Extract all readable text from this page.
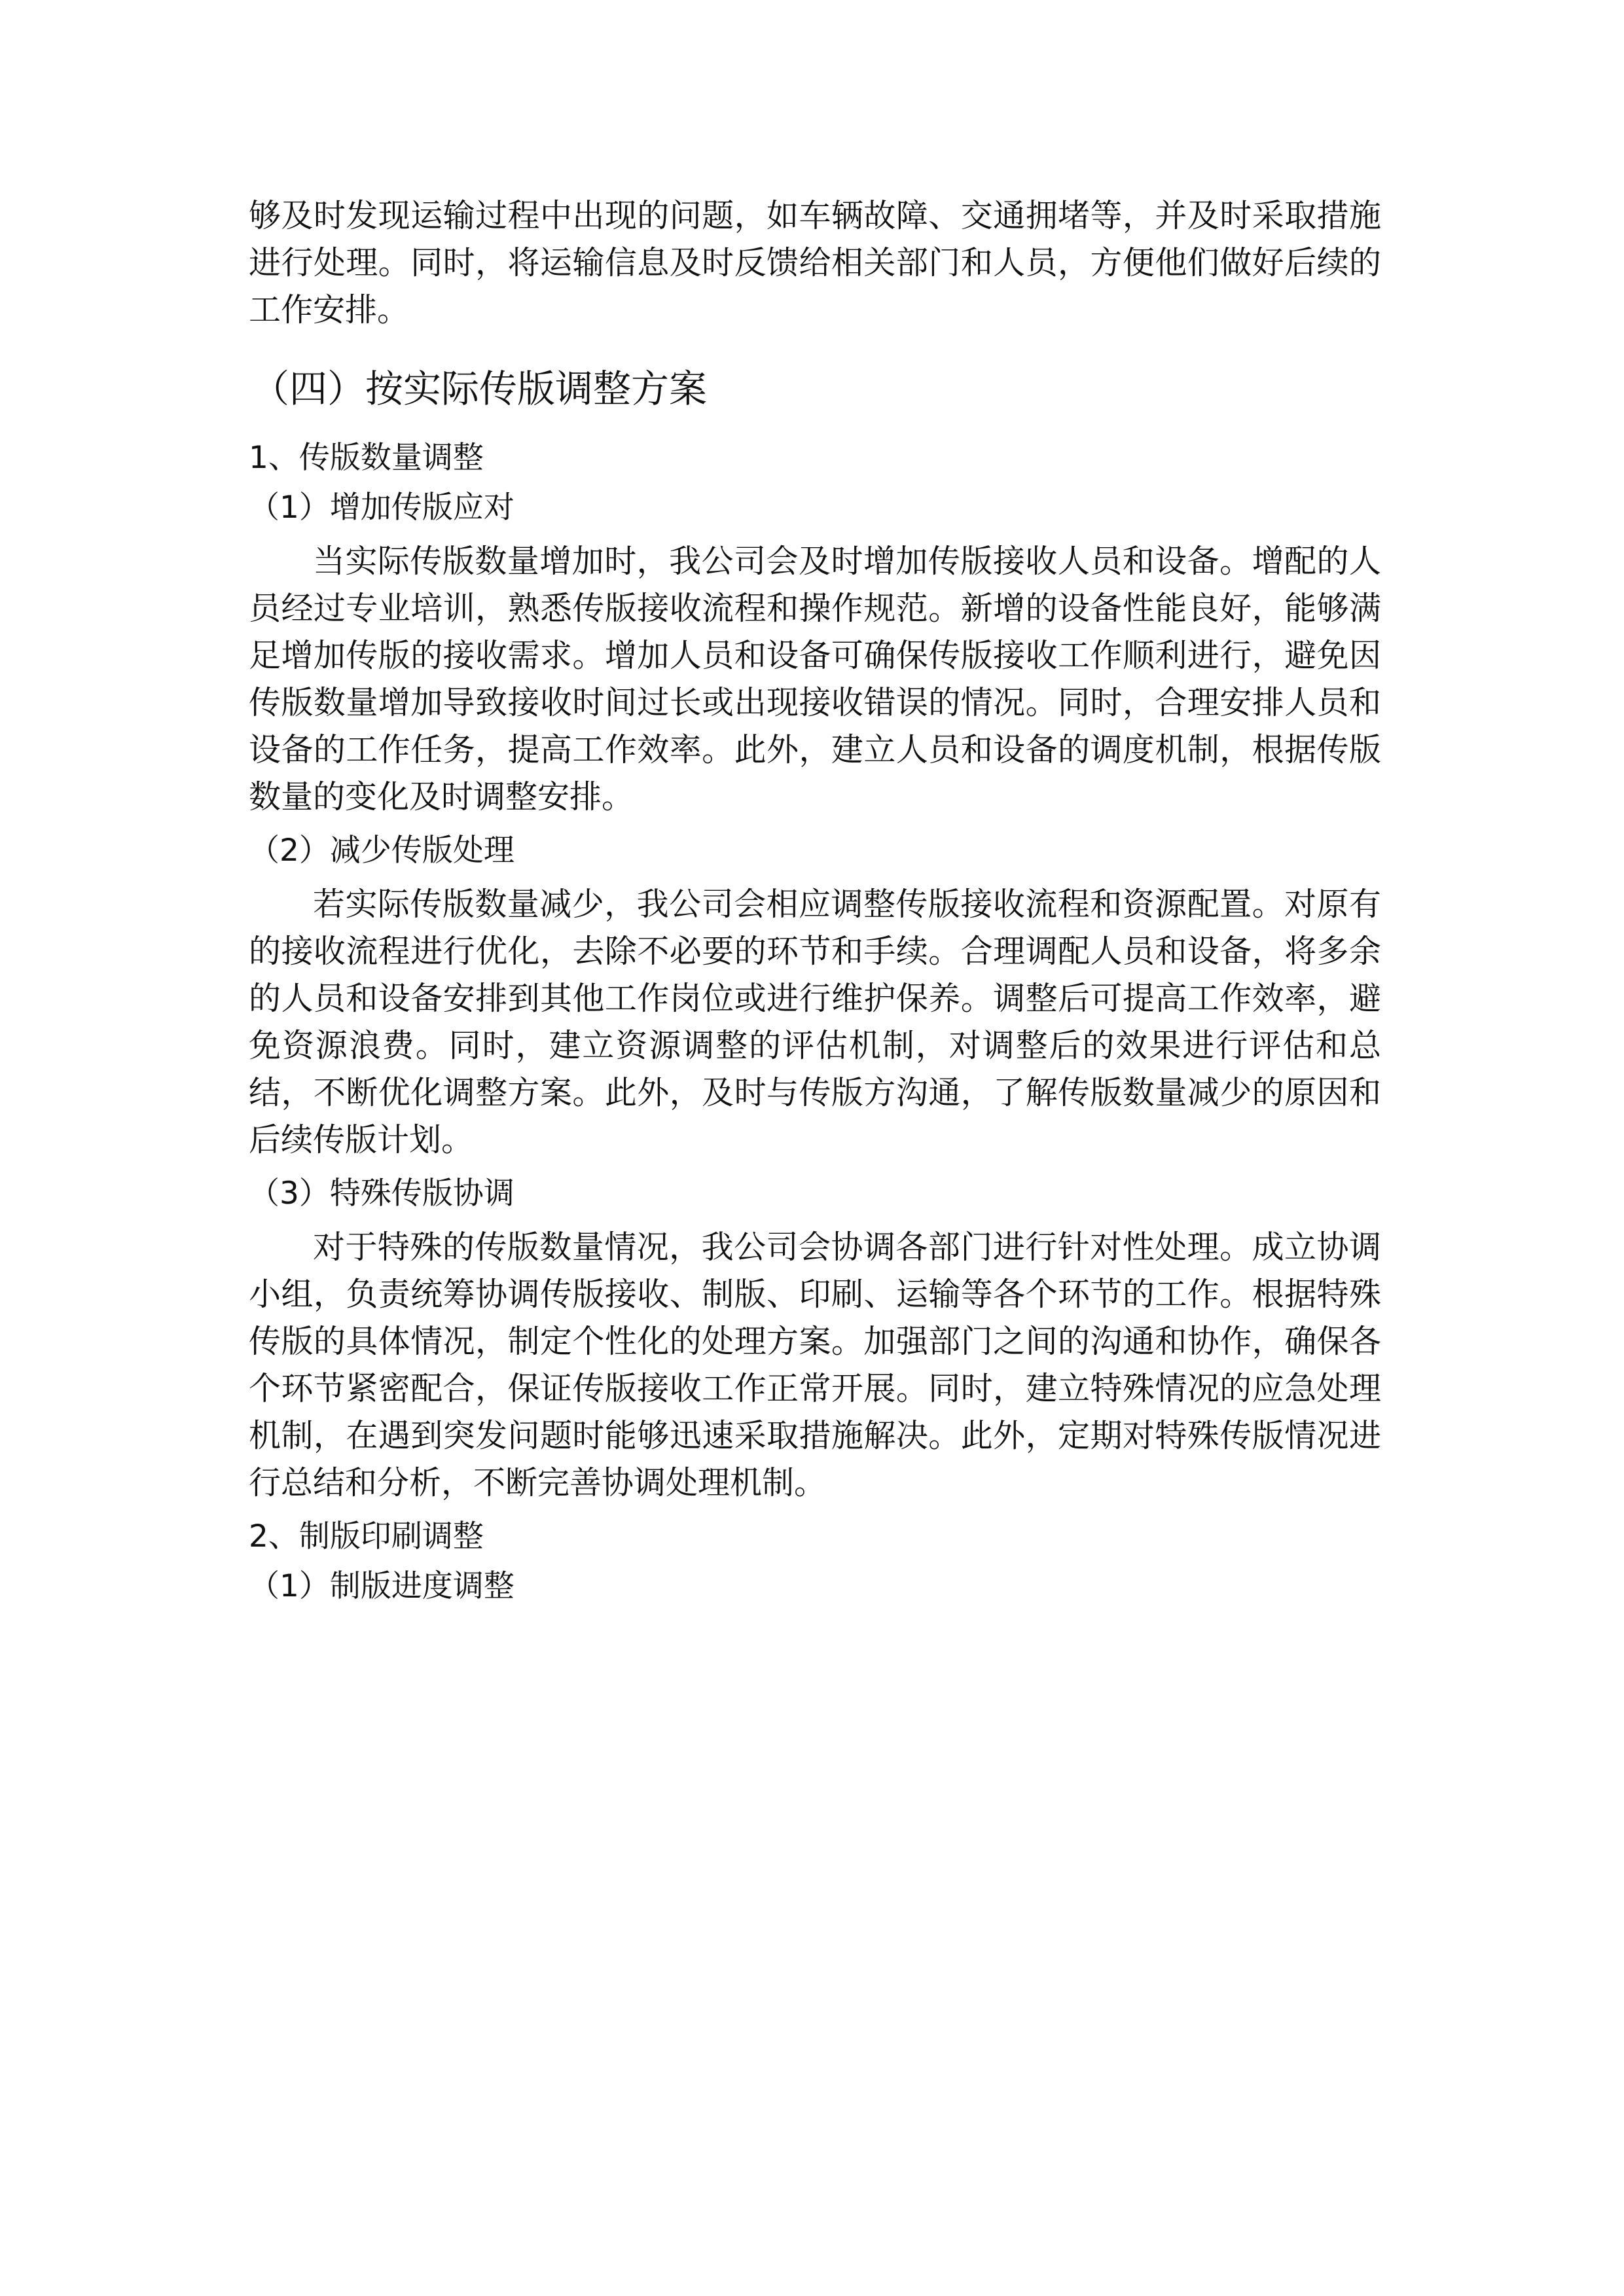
够及时发现运输过程中出现的问题，如车辆故障、交通拥堵等，并及时采取措施进行处理。同时，将运输信息及时反馈给相关部门和人员，方便他们做好后续的工作安排。

（四）按实际传版调整方案

1、传版数量调整

（1）增加传版应对

当实际传版数量增加时，我公司会及时增加传版接收人员和设备。增配的人员经过专业培训，熟悉传版接收流程和操作规范。新增的设备性能良好，能够满足增加传版的接收需求。增加人员和设备可确保传版接收工作顺利进行，避免因传版数量增加导致接收时间过长或出现接收错误的情况。同时，合理安排人员和设备的工作任务，提高工作效率。此外，建立人员和设备的调度机制，根据传版数量的变化及时调整安排。

（2）减少传版处理

若实际传版数量减少，我公司会相应调整传版接收流程和资源配置。对原有的接收流程进行优化，去除不必要的环节和手续。合理调配人员和设备，将多余的人员和设备安排到其他工作岗位或进行维护保养。调整后可提高工作效率，避免资源浪费。同时，建立资源调整的评估机制，对调整后的效果进行评估和总结，不断优化调整方案。此外，及时与传版方沟通，了解传版数量减少的原因和后续传版计划。

（3）特殊传版协调

对于特殊的传版数量情况，我公司会协调各部门进行针对性处理。成立协调小组，负责统筹协调传版接收、制版、印刷、运输等各个环节的工作。根据特殊传版的具体情况，制定个性化的处理方案。加强部门之间的沟通和协作，确保各个环节紧密配合，保证传版接收工作正常开展。同时，建立特殊情况的应急处理机制，在遇到突发问题时能够迅速采取措施解决。此外，定期对特殊传版情况进行总结和分析，不断完善协调处理机制。

2、制版印刷调整

（1）制版进度调整
